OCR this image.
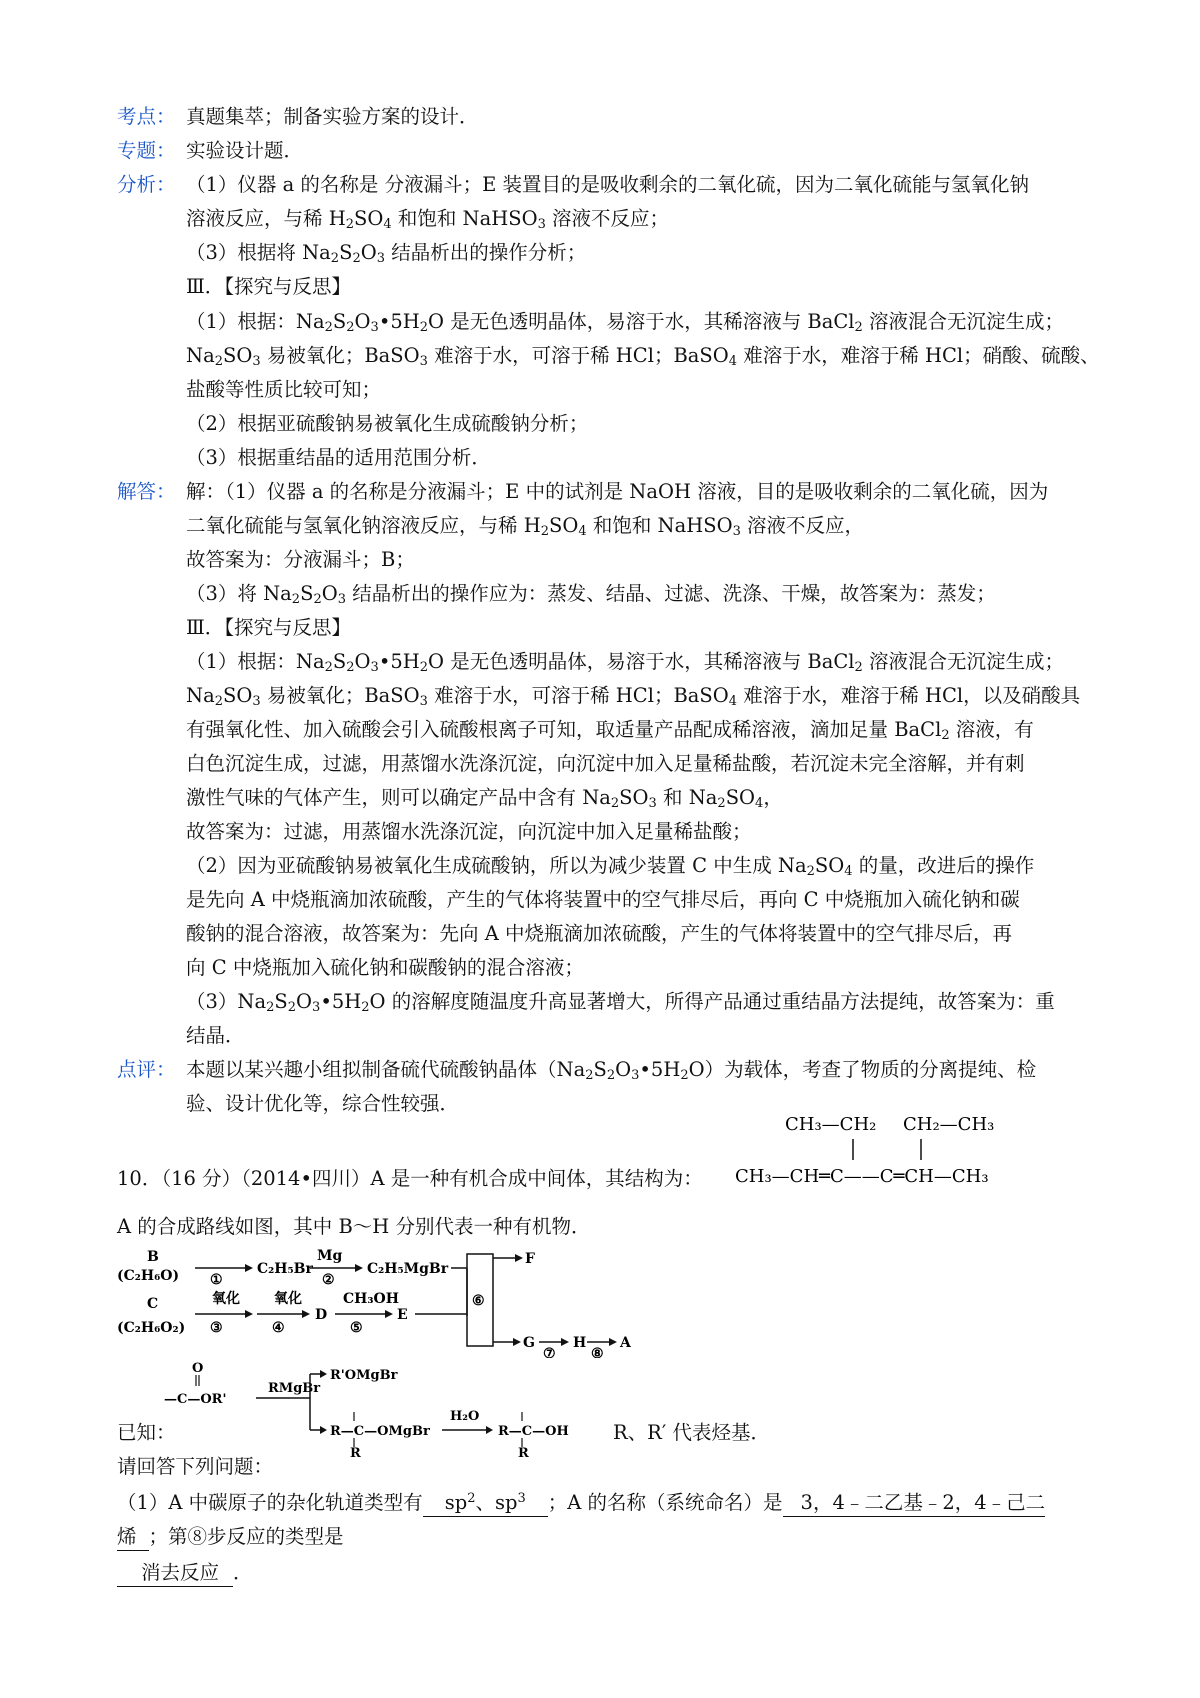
考点： 真题集萃；制备实验方案的设计．
专题： 实验设计题．
分析： （1）仪器 a 的名称是 分液漏斗；E 装置目的是吸收剩余的二氧化硫，因为二氧化硫能与氢氧化钠
溶液反应，与稀 $H_2SO_4$ 和饱和 NaHSO$_3$ 溶液不反应；
（3）根据将 $Na_2S_2O_3$ 结晶析出的操作分析；
Ⅲ．【探究与反思】
（1）根据：$Na_2S_2O_3•5H_2O$ 是无色透明晶体，易溶于水，其稀溶液与 BaCl$_2$ 溶液混合无沉淀生成；
$Na_2SO_3$ 易被氧化；BaSO$_3$ 难溶于水，可溶于稀 HCl；BaSO$_4$ 难溶于水，难溶于稀 HCl；硝酸、硫酸、
盐酸等性质比较可知；
（2）根据亚硫酸钠易被氧化生成硫酸钠分析；
（3）根据重结晶的适用范围分析．
解答： 解：（1）仪器 a 的名称是分液漏斗；E 中的试剂是 NaOH 溶液，目的是吸收剩余的二氧化硫，因为
二氧化硫能与氢氧化钠溶液反应，与稀 $H_2SO_4$ 和饱和 NaHSO$_3$ 溶液不反应，
故答案为：分液漏斗；B；
（3）将 $Na_2S_2O_3$ 结晶析出的操作应为：蒸发、结晶、过滤、洗涤、干燥，故答案为：蒸发；
Ⅲ．【探究与反思】
（1）根据：$Na_2S_2O_3•5H_2O$ 是无色透明晶体，易溶于水，其稀溶液与 BaCl$_2$ 溶液混合无沉淀生成；
$Na_2SO_3$ 易被氧化；BaSO$_3$ 难溶于水，可溶于稀 HCl；BaSO$_4$ 难溶于水，难溶于稀 HCl，以及硝酸具
有强氧化性、加入硫酸会引入硫酸根离子可知，取适量产品配成稀溶液，滴加足量 BaCl$_2$ 溶液，有
白色沉淀生成，过滤，用蒸馏水洗涤沉淀，向沉淀中加入足量稀盐酸，若沉淀未完全溶解，并有刺
激性气味的气体产生，则可以确定产品中含有 $Na_2SO_3$ 和 $Na_2SO_4$，
故答案为：过滤，用蒸馏水洗涤沉淀，向沉淀中加入足量稀盐酸；
（2）因为亚硫酸钠易被氧化生成硫酸钠，所以为减少装置 C 中生成 $Na_2SO_4$ 的量，改进后的操作
是先向 A 中烧瓶滴加浓硫酸，产生的气体将装置中的空气排尽后，再向 C 中烧瓶加入硫化钠和碳
酸钠的混合溶液，故答案为：先向 A 中烧瓶滴加浓硫酸，产生的气体将装置中的空气排尽后，再
向 C 中烧瓶加入硫化钠和碳酸钠的混合溶液；
$(3)Na_2S_2O_3•5H_2O$ 的溶解度随温度升高显著增大，所得产品通过重结晶方法提纯，故答案为：重
结晶．
点评： 本题以某兴趣小组拟制备硫代硫酸钠晶体$(Na_2S_2O_3•5H_2O)$为载体，考查了物质的分离提纯、检
验、设计优化等，综合性较强．
10．（16 分）（2014•四川）A 是一种有机合成中间体，其结构为：
CH₃—CH₂ CH₂—CH₃
CH₃—CH═C——C═CH—CH₃
A 的合成路线如图，其中 B～H 分别代表一种有机物．
B
(C₂H₆O) ①
C₂H₅Br
Mg
②
C₂H₅MgBr
C
(C₂H₆O₂)
氧化
③
氧化
④
D
CH₃OH
⑤
E
⑥
F
G
⑦
H
⑧
A
O
—C—OR'
RMgBr
R'OMgBr
R—C—OMgBr
R
H₂O
R—C—OH
R
已知：	R、R′ 代表烃基．
请回答下列问题：
（1）A 中碳原子的杂化轨道类型有 $sp^2$、$sp^3$ ；A 的名称（系统命名）是 3，4﹣二乙基﹣2，4﹣己二
烯 ；第⑧步反应的类型是
消去反应 ．
